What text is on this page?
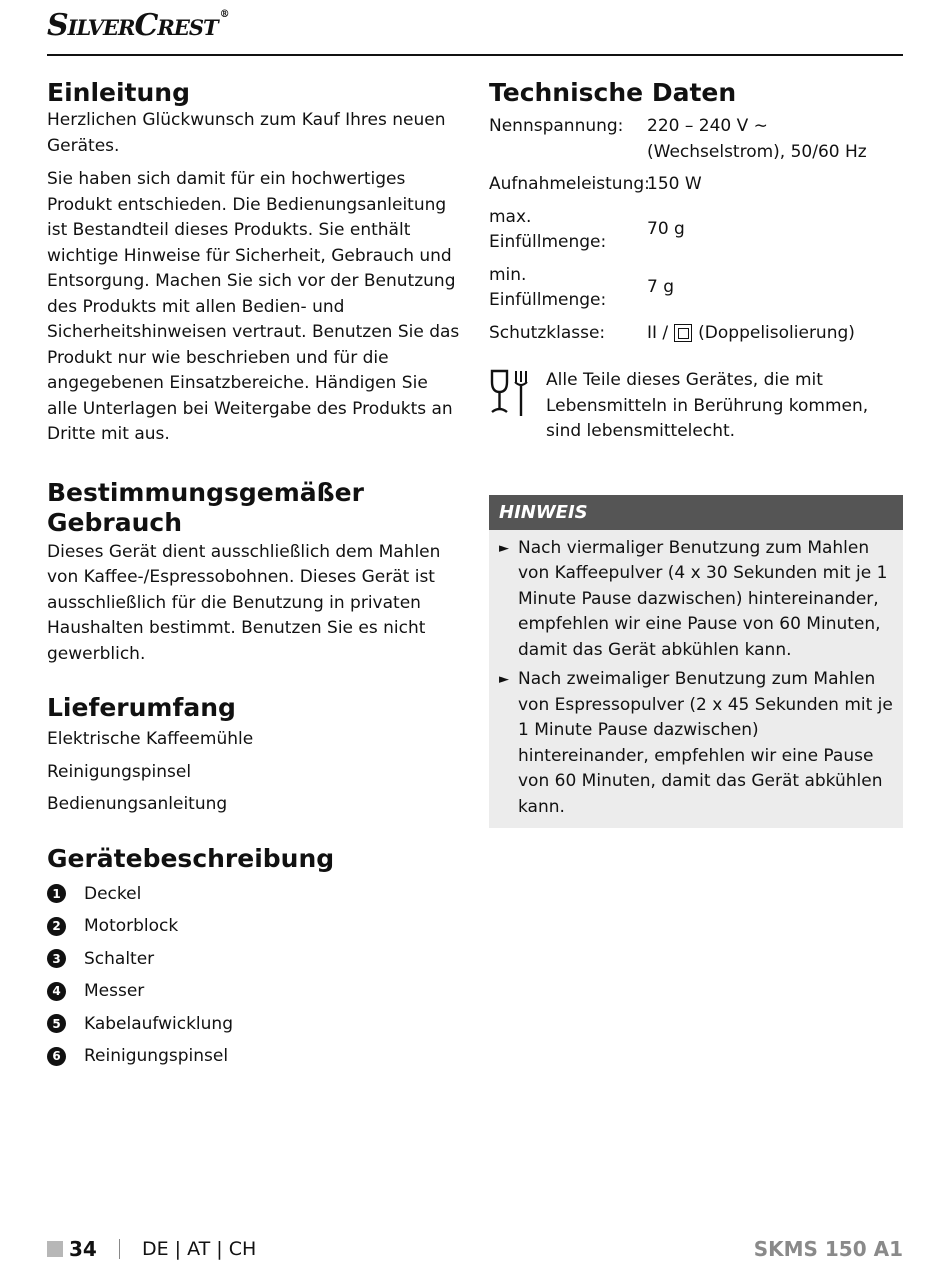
SilverCrest ®
Einleitung

Herzlichen Glückwunsch zum Kauf Ihres neuen Gerätes.

Sie haben sich damit für ein hochwertiges Produkt entschieden. Die Bedienungsanleitung ist Bestandteil dieses Produkts. Sie enthält wichtige Hinweise für Sicherheit, Gebrauch und Entsorgung. Machen Sie sich vor der Benutzung des Produkts mit allen Bedien- und Sicherheitshinweisen vertraut. Benutzen Sie das Produkt nur wie beschrieben und für die angegebenen Einsatzbereiche. Händigen Sie alle Unterlagen bei Weitergabe des Produkts an Dritte mit aus.

Bestimmungsgemäßer Gebrauch

Dieses Gerät dient ausschließlich dem Mahlen von Kaffee-/Espressobohnen. Dieses Gerät ist ausschließlich für die Benutzung in privaten Haushalten bestimmt. Benutzen Sie es nicht gewerblich.

Lieferumfang
Elektrische Kaffeemühle
Reinigungspinsel
Bedienungsanleitung
Gerätebeschreibung
1	Deckel
2	Motorblock
3	Schalter
4	Messer
5	Kabelaufwicklung
6	Reinigungspinsel
Technische Daten
Nennspannung:	220 – 240 V ∼ (Wechselstrom), 50/60 Hz
Aufnahmeleistung:
150 W
max. Einfüllmenge:
70 g
min. Einfüllmenge:
7 g
Schutzklasse:	II / (Doppelisolierung)

Alle Teile dieses Gerätes, die mit Lebensmitteln in Berührung kommen, sind lebensmittelecht.

HINWEIS
► Nach viermaliger Benutzung zum Mahlen von Kaffeepulver (4 x 30 Sekunden mit je 1 Minute Pause dazwischen) hintereinander, empfehlen wir eine Pause von 60 Minuten, damit das Gerät abkühlen kann.

► Nach zweimaliger Benutzung zum Mahlen von Espressopulver (2 x 45 Sekunden mit je 1 Minute Pause dazwischen) hintereinander, empfehlen wir eine Pause von 60 Minuten, damit das Gerät abkühlen kann.

34 DE | AT | CH	SKMS 150 A1
